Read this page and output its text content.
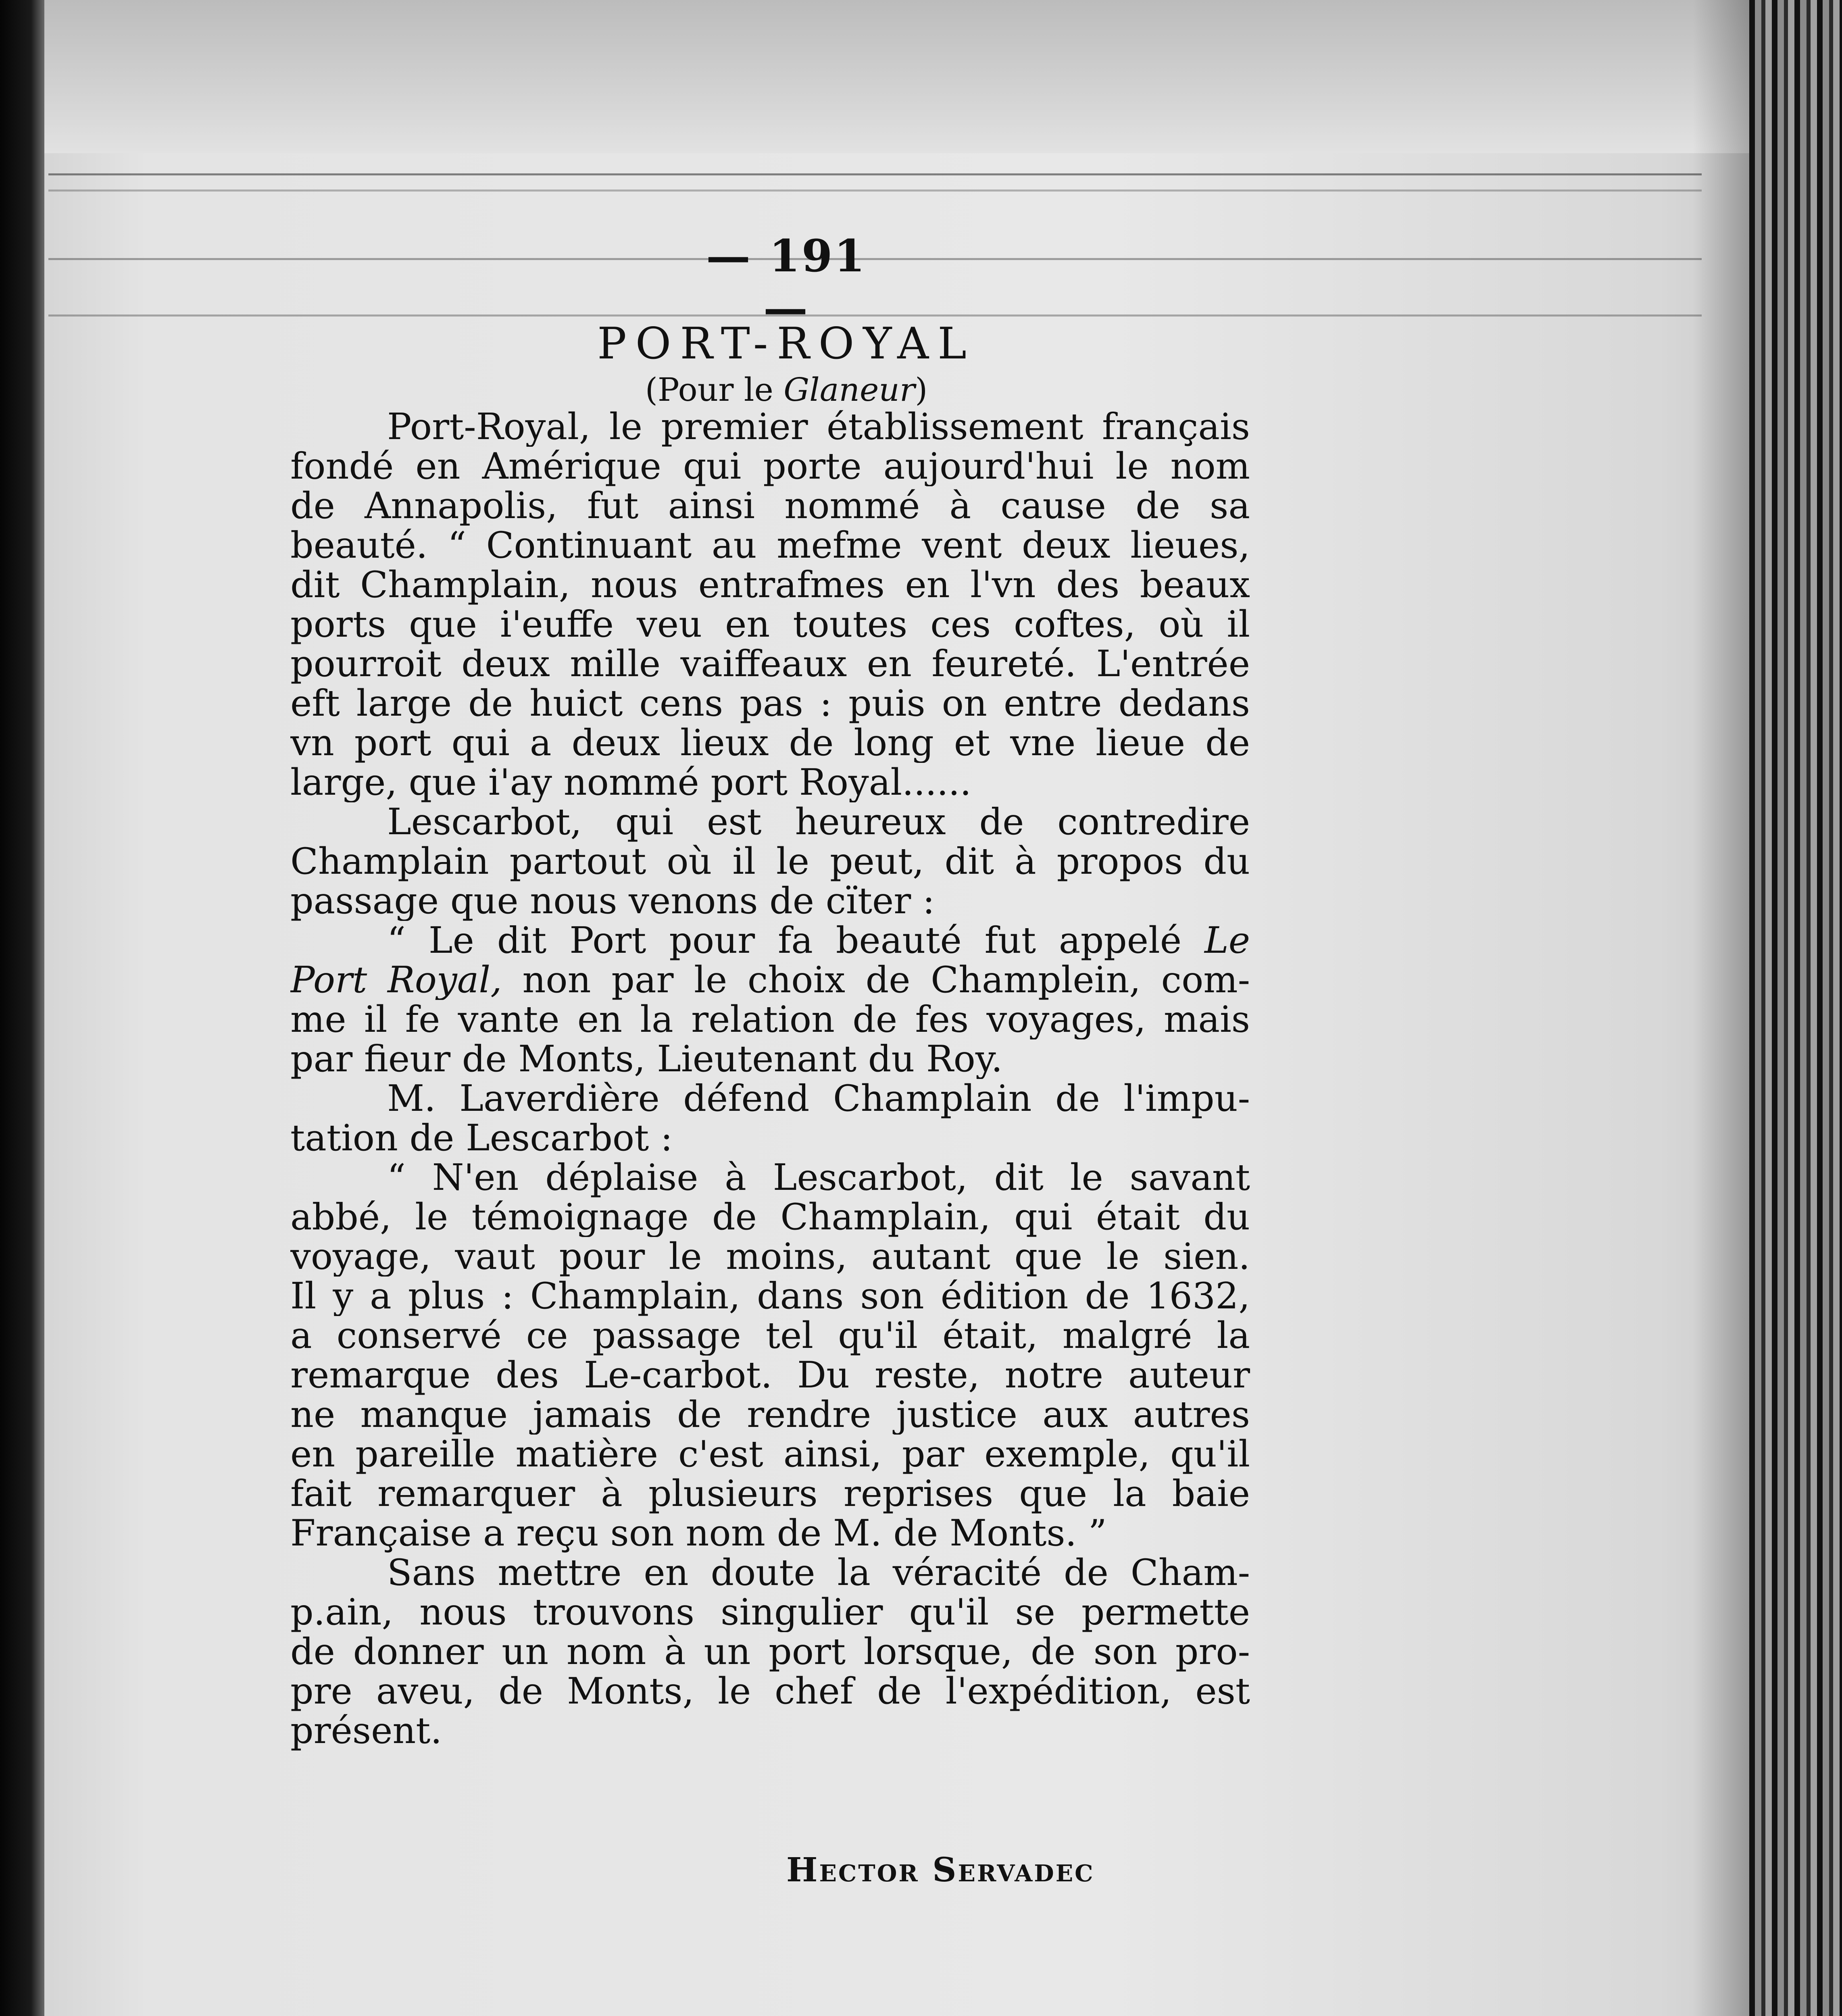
— 191 —
PORT-ROYAL
(Pour le Glaneur)
Port-Royal, le premier établissement français
fondé en Amérique qui porte aujourd'hui le nom
de Annapolis, fut ainsi nommé à cause de sa
beauté. “ Continuant au mefme vent deux lieues,
dit Champlain, nous entrafmes en l'vn des beaux
ports que i'euffe veu en toutes ces coftes, où il
pourroit deux mille vaiffeaux en feureté. L'entrée
eft large de huict cens pas : puis on entre dedans
vn port qui a deux lieux de long et vne lieue de
large, que i'ay nommé port Royal......
Lescarbot, qui est heureux de contredire
Champlain partout où il le peut, dit à propos du
passage que nous venons de cïter :
“ Le dit Port pour fa beauté fut appelé Le
Port Royal, non par le choix de Champlein, com-
me il fe vante en la relation de fes voyages, mais
par fieur de Monts, Lieutenant du Roy.
M. Laverdière défend Champlain de l'impu-
tation de Lescarbot :
“ N'en déplaise à Lescarbot, dit le savant
abbé, le témoignage de Champlain, qui était du
voyage, vaut pour le moins, autant que le sien.
Il y a plus : Champlain, dans son édition de 1632,
a conservé ce passage tel qu'il était, malgré la
remarque des Le-carbot. Du reste, notre auteur
ne manque jamais de rendre justice aux autres
en pareille matière c'est ainsi, par exemple, qu'il
fait remarquer à plusieurs reprises que la baie
Française a reçu son nom de M. de Monts. ”
Sans mettre en doute la véracité de Cham-
p.ain, nous trouvons singulier qu'il se permette
de donner un nom à un port lorsque, de son pro-
pre aveu, de Monts, le chef de l'expédition, est
présent.
Hector Servadec
